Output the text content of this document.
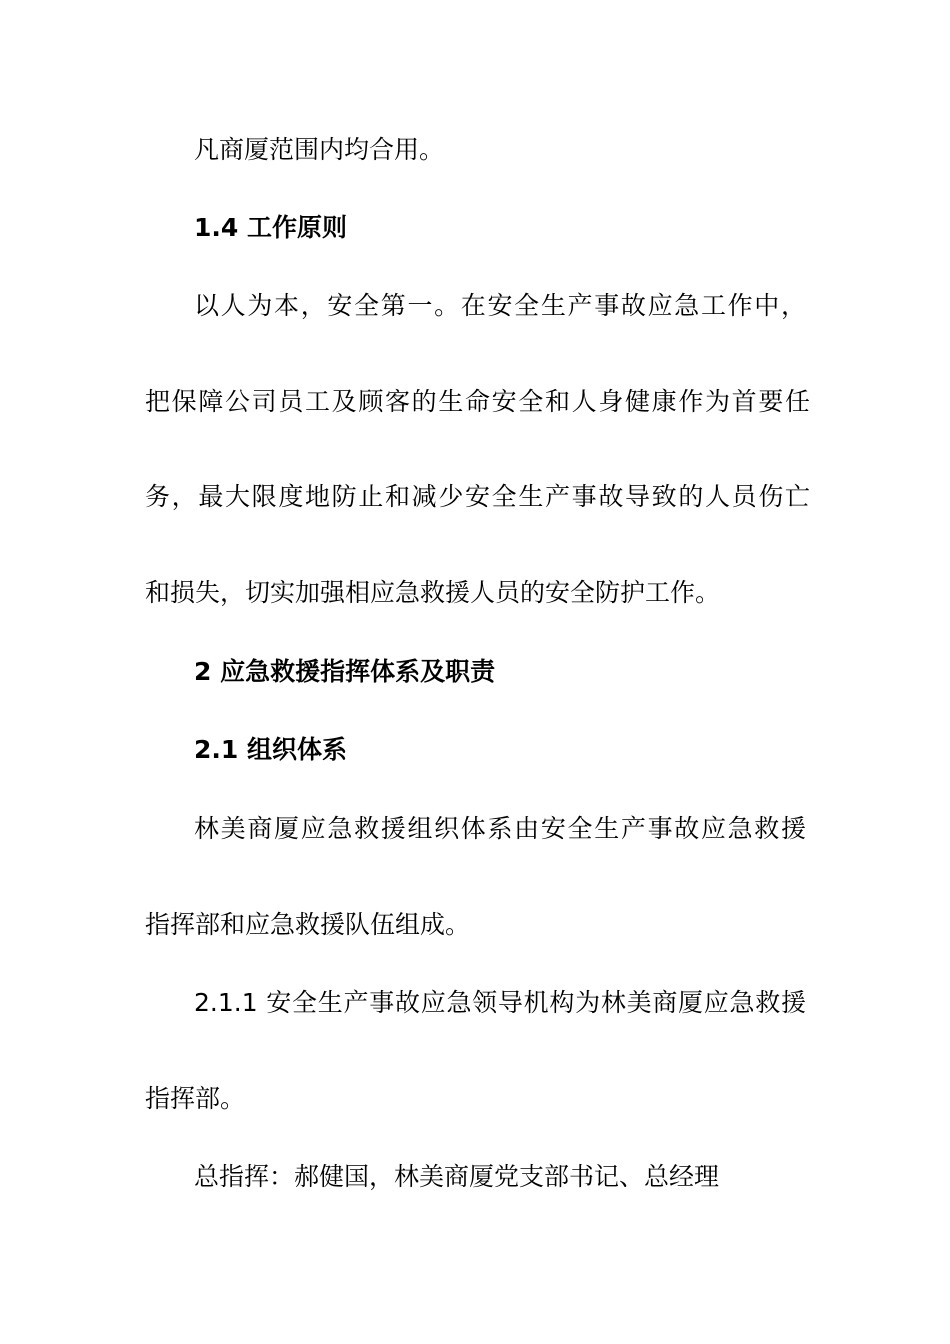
凡商厦范围内均合用。
1.4 工作原则
以人为本，安全第一。在安全生产事故应急工作中，
把保障公司员工及顾客的生命安全和人身健康作为首要任
务，最大限度地防止和减少安全生产事故导致的人员伤亡
和损失，切实加强相应急救援人员的安全防护工作。
2 应急救援指挥体系及职责
2.1 组织体系
林美商厦应急救援组织体系由安全生产事故应急救援
指挥部和应急救援队伍组成。
2.1.1 安全生产事故应急领导机构为林美商厦应急救援
指挥部。
总指挥：郝健国，林美商厦党支部书记、总经理
